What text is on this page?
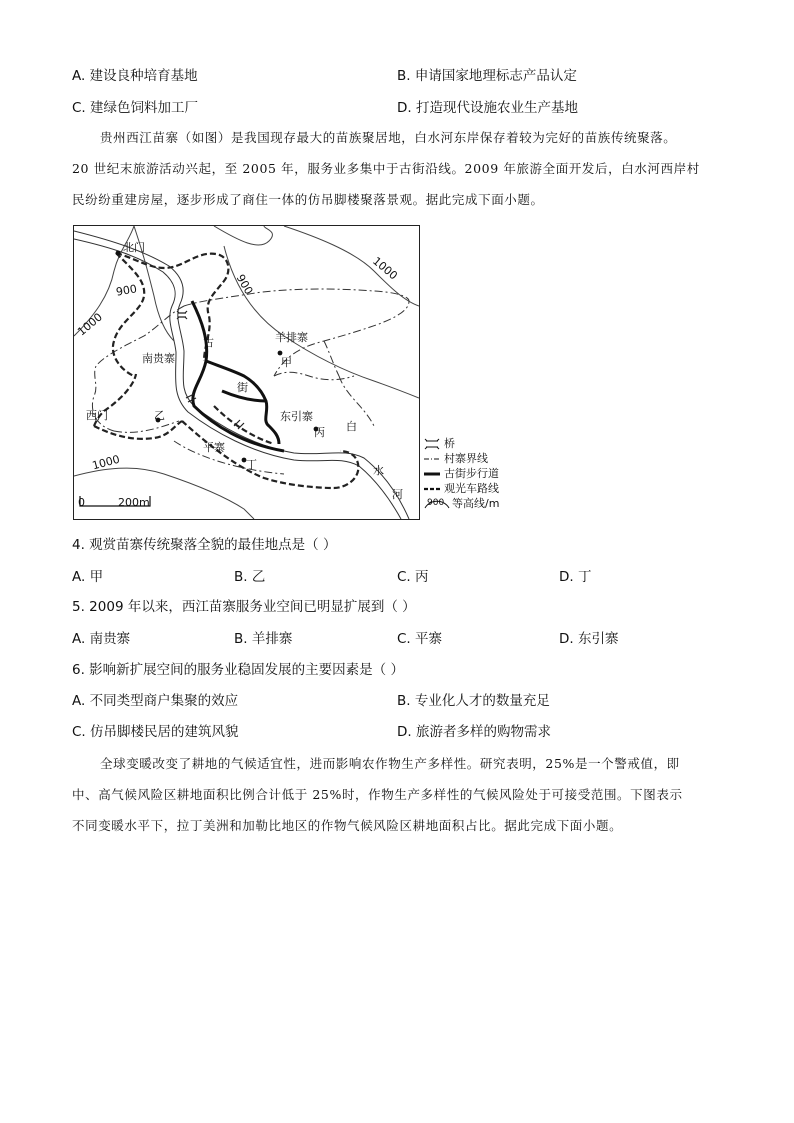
A. 建设良种培育基地	B. 申请国家地理标志产品认定
C. 建绿色饲料加工厂	D. 打造现代设施农业生产基地

贵州西江苗寨（如图）是我国现存最大的苗族聚居地，白水河东岸保存着较为完好的苗族传统聚落。

20 世纪末旅游活动兴起，至 2005 年，服务业多集中于古街沿线。2009 年旅游全面开发后，白水河西岸村

民纷纷重建房屋，逐步形成了商住一体的仿吊脚楼聚落景观。据此完成下面小题。

北门
西门
南贵寨
羊排寨
东引寨
平寨
甲
乙
丙
丁
900	900
1000
1000
1000
古
街
白
水
河
0	200m
桥
村寨界线
古街步行道
观光车路线
900 等高线/m
4. 观赏苗寨传统聚落全貌的最佳地点是（ ）
A. 甲	B. 乙	C. 丙	D. 丁
5. 2009 年以来，西江苗寨服务业空间已明显扩展到（ ）
A. 南贵寨	B. 羊排寨	C. 平寨	D. 东引寨
6. 影响新扩展空间的服务业稳固发展的主要因素是（ ）
A. 不同类型商户集聚的效应	B. 专业化人才的数量充足
C. 仿吊脚楼民居的建筑风貌	D. 旅游者多样的购物需求

全球变暖改变了耕地的气候适宜性，进而影响农作物生产多样性。研究表明，25%是一个警戒值，即

中、高气候风险区耕地面积比例合计低于 25%时，作物生产多样性的气候风险处于可接受范围。下图表示

不同变暖水平下，拉丁美洲和加勒比地区的作物气候风险区耕地面积占比。据此完成下面小题。
